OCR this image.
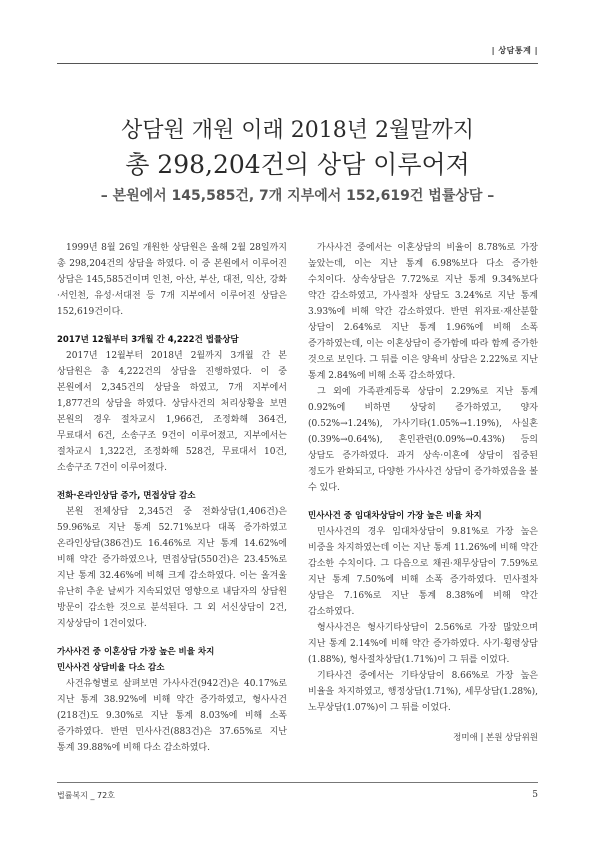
| 상담통계 |
상담원 개원 이래 2018년 2월말까지
총 298,204건의 상담 이루어져
– 본원에서 145,585건, 7개 지부에서 152,619건 법률상담 –

1999년 8월 26일 개원한 상담원은 올해 2월 28일까지 총 298,204건의 상담을 하였다. 이 중 본원에서 이루어진 상담은 145,585건이며 인천, 아산, 부산, 대전, 익산, 강화·서인천, 유성·서대전 등 7개 지부에서 이루어진 상담은 152,619건이다.

2017년 12월부터 3개월 간 4,222건 법률상담

2017년 12월부터 2018년 2월까지 3개월 간 본 상담원은 총 4,222건의 상담을 진행하였다. 이 중 본원에서 2,345건의 상담을 하였고, 7개 지부에서 1,877건의 상담을 하였다. 상담사건의 처리상황을 보면 본원의 경우 절차교시 1,966건, 조정화해 364건, 무료대서 6건, 소송구조 9건이 이루어졌고, 지부에서는 절차교시 1,322건, 조정화해 528건, 무료대서 10건, 소송구조 7건이 이루어졌다.

전화·온라인상담 증가, 면접상담 감소

본원 전체상담 2,345건 중 전화상담(1,406건)은 59.96%로 지난 통계 52.71%보다 대폭 증가하였고 온라인상담(386건)도 16.46%로 지난 통계 14.62%에 비해 약간 증가하였으나, 면접상담(550건)은 23.45%로 지난 통계 32.46%에 비해 크게 감소하였다. 이는 올겨울 유난히 추운 날씨가 지속되었던 영향으로 내담자의 상담원 방문이 감소한 것으로 분석된다. 그 외 서신상담이 2건, 지상상담이 1건이었다.

가사사건 중 이혼상담 가장 높은 비율 차지
민사사건 상담비율 다소 감소

사건유형별로 살펴보면 가사사건(942건)은 40.17%로 지난 통계 38.92%에 비해 약간 증가하였고, 형사사건(218건)도 9.30%로 지난 통계 8.03%에 비해 소폭 증가하였다. 반면 민사사건(883건)은 37.65%로 지난 통계 39.88%에 비해 다소 감소하였다.

가사사건 중에서는 이혼상담의 비율이 8.78%로 가장 높았는데, 이는 지난 통계 6.98%보다 다소 증가한 수치이다. 상속상담은 7.72%로 지난 통계 9.34%보다 약간 감소하였고, 가사절차 상담도 3.24%로 지난 통계 3.93%에 비해 약간 감소하였다. 반면 위자료·재산분할 상담이 2.64%로 지난 통계 1.96%에 비해 소폭 증가하였는데, 이는 이혼상담이 증가함에 따라 함께 증가한 것으로 보인다. 그 뒤를 이은 양육비 상담은 2.22%로 지난 통계 2.84%에 비해 소폭 감소하였다.

그 외에 가족관계등록 상담이 2.29%로 지난 통계 0.92%에 비하면 상당히 증가하였고, 양자(0.52%→1.24%), 가사기타(1.05%→1.19%), 사실혼(0.39%→0.64%), 혼인관련(0.09%→0.43%) 등의 상담도 증가하였다. 과거 상속·이혼에 상담이 집중된 정도가 완화되고, 다양한 가사사건 상담이 증가하였음을 볼 수 있다.

민사사건 중 임대차상담이 가장 높은 비율 차지

민사사건의 경우 임대차상담이 9.81%로 가장 높은 비중을 차지하였는데 이는 지난 통계 11.26%에 비해 약간 감소한 수치이다. 그 다음으로 채권·채무상담이 7.59%로 지난 통계 7.50%에 비해 소폭 증가하였다. 민사절차 상담은 7.16%로 지난 통계 8.38%에 비해 약간 감소하였다.

형사사건은 형사기타상담이 2.56%로 가장 많았으며 지난 통계 2.14%에 비해 약간 증가하였다. 사기·횡령상담(1.88%), 형사절차상담(1.71%)이 그 뒤를 이었다.

기타사건 중에서는 기타상담이 8.66%로 가장 높은 비율을 차지하였고, 행정상담(1.71%), 세무상담(1.28%), 노무상담(1.07%)이 그 뒤를 이었다.

정미애 | 본원 상담위원
법률복지 _ 72호	5
